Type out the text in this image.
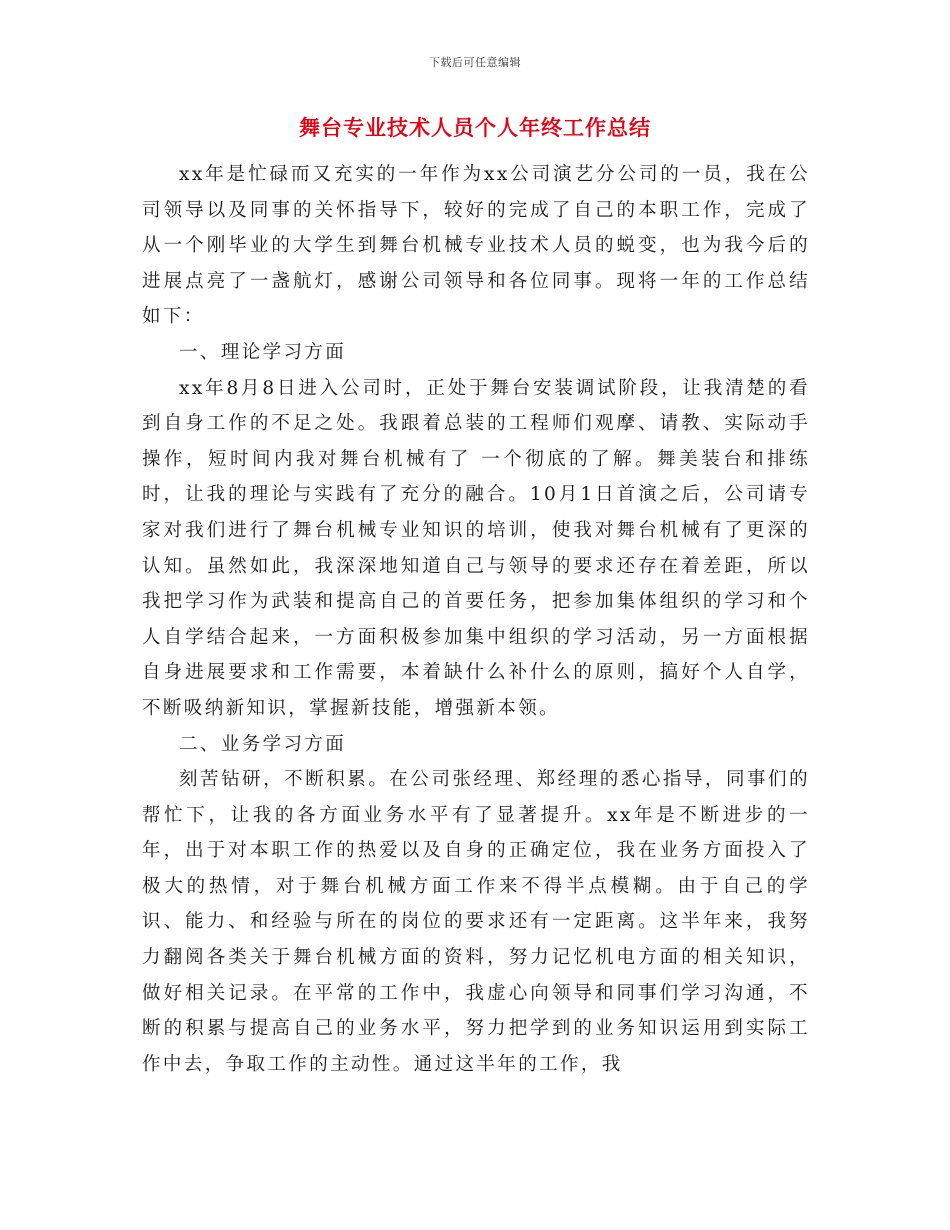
下载后可任意编辑
舞台专业技术人员个人年终工作总结

xx年是忙碌而又充实的一年作为xx公司演艺分公司的一员，我在公司领导以及同事的关怀指导下，较好的完成了自己的本职工作，完成了从一个刚毕业的大学生到舞台机械专业技术人员的蜕变，也为我今后的进展点亮了一盏航灯，感谢公司领导和各位同事。现将一年的工作总结如下：

一、理论学习方面

xx年8月8日进入公司时，正处于舞台安装调试阶段，让我清楚的看到自身工作的不足之处。我跟着总装的工程师们观摩、请教、实际动手操作，短时间内我对舞台机械有了 一个彻底的了解。舞美装台和排练时，让我的理论与实践有了充分的融合。10月1日首演之后，公司请专家对我们进行了舞台机械专业知识的培训，使我对舞台机械有了更深的认知。虽然如此，我深深地知道自己与领导的要求还存在着差距，所以我把学习作为武装和提高自己的首要任务，把参加集体组织的学习和个人自学结合起来，一方面积极参加集中组织的学习活动，另一方面根据自身进展要求和工作需要，本着缺什么补什么的原则，搞好个人自学，不断吸纳新知识，掌握新技能，增强新本领。

二、业务学习方面

刻苦钻研，不断积累。在公司张经理、郑经理的悉心指导，同事们的帮忙下，让我的各方面业务水平有了显著提升。xx年是不断进步的一年，出于对本职工作的热爱以及自身的正确定位，我在业务方面投入了极大的热情，对于舞台机械方面工作来不得半点模糊。由于自己的学识、能力、和经验与所在的岗位的要求还有一定距离。这半年来，我努力翻阅各类关于舞台机械方面的资料，努力记忆机电方面的相关知识，做好相关记录。在平常的工作中，我虚心向领导和同事们学习沟通，不断的积累与提高自己的业务水平，努力把学到的业务知识运用到实际工作中去，争取工作的主动性。通过这半年的工作，我
